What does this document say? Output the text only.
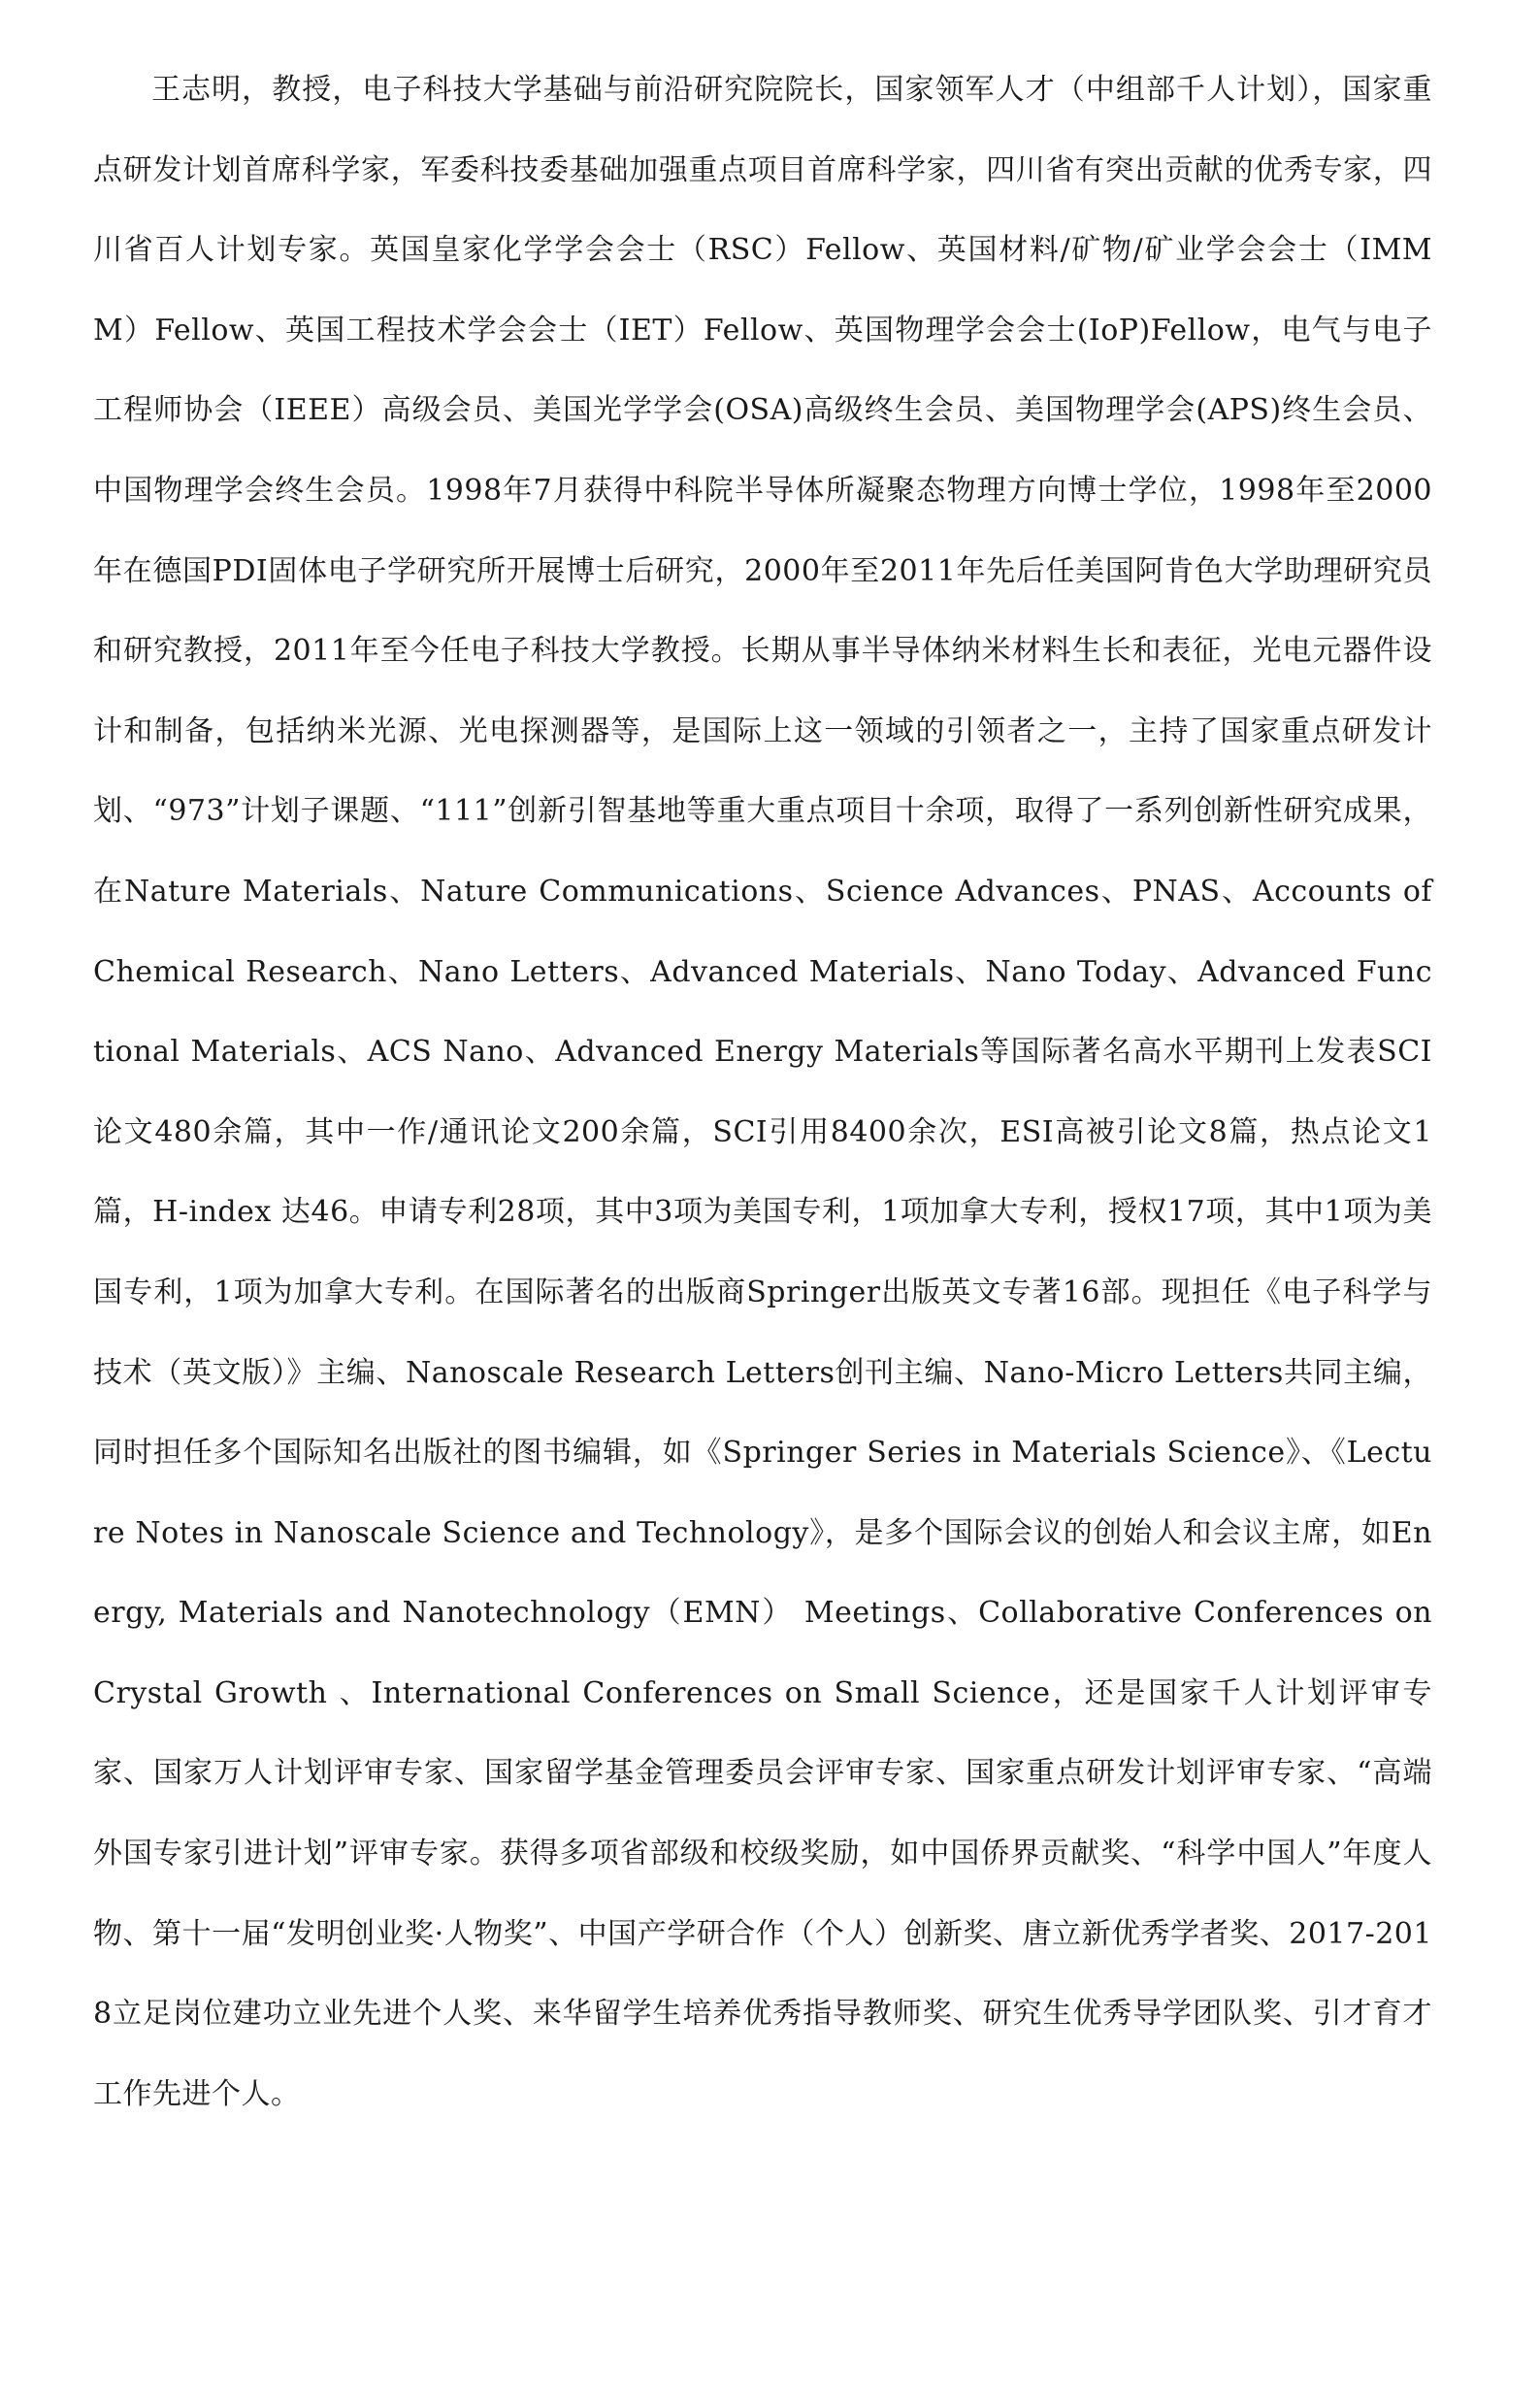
王志明，教授，电子科技大学基础与前沿研究院院长，国家领军人才（中组部千人计划），国家重点研发计划首席科学家，军委科技委基础加强重点项目首席科学家，四川省有突出贡献的优秀专家，四川省百人计划专家。英国皇家化学学会会士（RSC）Fellow、英国材料/矿物/矿业学会会士（IMMM）Fellow、英国工程技术学会会士（IET）Fellow、英国物理学会会士(IoP)Fellow，电气与电子工程师协会（IEEE）高级会员、美国光学学会(OSA)高级终生会员、美国物理学会(APS)终生会员、中国物理学会终生会员。1998年7月获得中科院半导体所凝聚态物理方向博士学位，1998年至2000年在德国PDI固体电子学研究所开展博士后研究，2000年至2011年先后任美国阿肯色大学助理研究员和研究教授，2011年至今任电子科技大学教授。长期从事半导体纳米材料生长和表征，光电元器件设计和制备，包括纳米光源、光电探测器等，是国际上这一领域的引领者之一，主持了国家重点研发计划、“973”计划子课题、“111”创新引智基地等重大重点项目十余项，取得了一系列创新性研究成果，在Nature Materials、Nature Communications、Science Advances、PNAS、Accounts of Chemical Research、Nano Letters、Advanced Materials、Nano Today、Advanced Functional Materials、ACS Nano、Advanced Energy Materials等国际著名高水平期刊上发表SCI 论文480余篇，其中一作/通讯论文200余篇，SCI引用8400余次，ESI高被引论文8篇，热点论文1篇，H-index 达46。申请专利28项，其中3项为美国专利，1项加拿大专利，授权17项，其中1项为美国专利，1项为加拿大专利。在国际著名的出版商Springer出版英文专著16部。现担任《电子科学与技术（英文版）》主编、Nanoscale Research Letters创刊主编、Nano-Micro Letters共同主编，同时担任多个国际知名出版社的图书编辑，如《Springer Series in Materials Science》、《Lecture Notes in Nanoscale Science and Technology》，是多个国际会议的创始人和会议主席，如Energy, Materials and Nanotechnology（EMN） Meetings、Collaborative Conferences on Crystal Growth 、International Conferences on Small Science，还是国家千人计划评审专家、国家万人计划评审专家、国家留学基金管理委员会评审专家、国家重点研发计划评审专家、“高端外国专家引进计划”评审专家。获得多项省部级和校级奖励，如中国侨界贡献奖、“科学中国人”年度人物、第十一届“发明创业奖·人物奖”、中国产学研合作（个人）创新奖、唐立新优秀学者奖、2017-2018立足岗位建功立业先进个人奖、来华留学生培养优秀指导教师奖、研究生优秀导学团队奖、引才育才工作先进个人。
